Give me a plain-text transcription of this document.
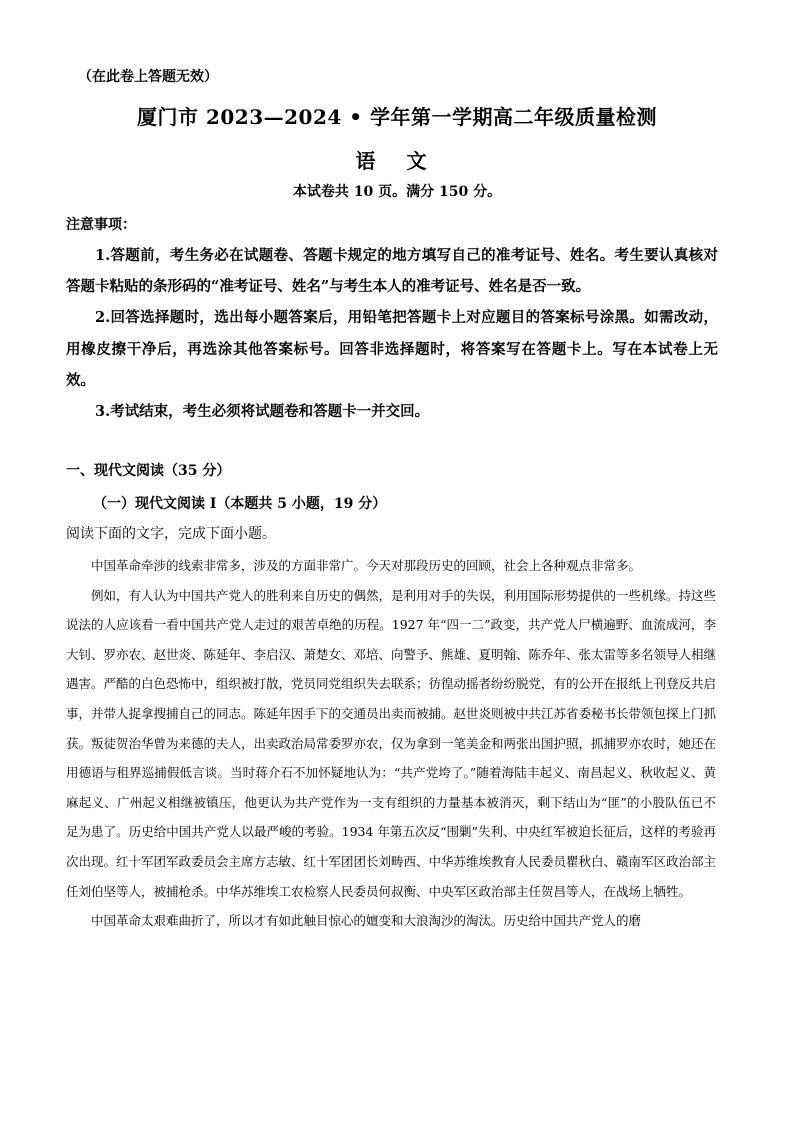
（在此卷上答题无效）
厦门市 2023—2024 • 学年第一学期高二年级质量检测
语 文
本试卷共 10 页。满分 150 分。
注意事项：

1.答题前，考生务必在试题卷、答题卡规定的地方填写自己的准考证号、姓名。考生要认真核对答题卡粘贴的条形码的“准考证号、姓名”与考生本人的准考证号、姓名是否一致。

2.回答选择题时，选出每小题答案后，用铅笔把答题卡上对应题目的答案标号涂黑。如需改动，用橡皮擦干净后，再选涂其他答案标号。回答非选择题时，将答案写在答题卡上。写在本试卷上无效。

3.考试结束，考生必须将试题卷和答题卡一并交回。

一、现代文阅读（35 分）
（一）现代文阅读 I（本题共 5 小题，19 分）
阅读下面的文字，完成下面小题。

中国革命牵涉的线索非常多，涉及的方面非常广。今天对那段历史的回顾，社会上各种观点非常多。

例如，有人认为中国共产党人的胜利来自历史的偶然，是利用对手的失误，利用国际形势提供的一些机缘。持这些说法的人应该看一看中国共产党人走过的艰苦卓绝的历程。1927 年“四一二”政变，共产党人尸横遍野、血流成河，李大钊、罗亦农、赵世炎、陈延年、李启汉、萧楚女、邓培、向警予、熊雄、夏明翰、陈乔年、张太雷等多名领导人相继遇害。严酷的白色恐怖中，组织被打散，党员同党组织失去联系；彷徨动摇者纷纷脱党，有的公开在报纸上刊登反共启事，并带人捉拿搜捕自己的同志。陈延年因手下的交通员出卖而被捕。赵世炎则被中共江苏省委秘书长带领包探上门抓获。叛徒贺治华曾为来德的夫人，出卖政治局常委罗亦农，仅为拿到一笔美金和两张出国护照，抓捕罗亦农时，她还在用德语与租界巡捕假低言谈。当时蒋介石不加怀疑地认为：“共产党垮了。”随着海陆丰起义、南昌起义、秋收起义、黄麻起义、广州起义相继被镇压，他更认为共产党作为一支有组织的力量基本被消灭，剩下结山为“匪”的小股队伍已不足为患了。历史给中国共产党人以最严峻的考验。1934 年第五次反“围剿”失利、中央红军被迫长征后，这样的考验再次出现。红十军团军政委员会主席方志敏、红十军团团长刘畴西、中华苏维埃教育人民委员瞿秋白、赣南军区政治部主任刘伯坚等人，被捕枪杀。中华苏维埃工农检察人民委员何叔衡、中央军区政治部主任贺昌等人，在战场上牺牲。

中国革命太艰难曲折了，所以才有如此触目惊心的嬗变和大浪淘沙的淘汰。历史给中国共产党人的磨
